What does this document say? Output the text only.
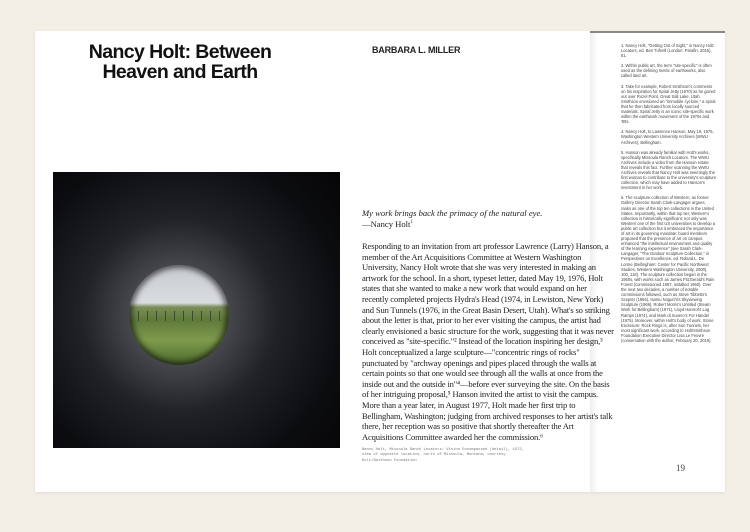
Nancy Holt: Between Heaven and Earth
BARBARA L. MILLER
My work brings back the primacy of the natural eye.
—Nancy Holt$^1$

Responding to an invitation from art professor Lawrence (Larry) Hanson, a member of the Art Acquisitions Committee at Western Washington University, Nancy Holt wrote that she was very interested in making an artwork for the school. In a short, typeset letter, dated May 19, 1976, Holt states that she wanted to make a new work that would expand on her recently completed projects Hydra's Head (1974, in Lewiston, New York) and Sun Tunnels (1976, in the Great Basin Desert, Utah). What's so striking about the letter is that, prior to her ever visiting the campus, the artist had clearly envisioned a basic structure for the work, suggesting that it was never conceived as "site-specific."² Instead of the location inspiring her design,³ Holt conceptualized a large sculpture—"concentric rings of rocks" punctuated by "archway openings and pipes placed through the walls at certain points so that one would see through all the walls at once from the inside out and the outside in"⁴—before ever surveying the site. On the basis of her intriguing proposal,⁵ Hanson invited the artist to visit the campus. More than a year later, in August 1977, Holt made her first trip to Bellingham, Washington; judging from archived responses to her artist's talk there, her reception was so positive that shortly thereafter the Art Acquisitions Committee awarded her the commission.⁶

Nancy Holt, Missoula Ranch Locators: Vision Encompassed (detail), 1972, view of opposite location, north of Missoula, Montana, courtesy Holt/Smithson Foundation
19

1. Nancy Holt, "Getting Out of Sight," in Nancy Holt: Locators, ed. Ben Tufnell (London: Parafin, 2015), 51.

2. Within public art, the term "site-specific" is often used as the defining metric of earthworks, also called land art.

3. Take for example, Robert Smithson's comments on his inspiration for Spiral Jetty (1970) as he gazed out over Rozel Point, Great Salt Lake, Utah. Smithson envisioned an "immobile cyclone," a spiral that he then fabricated from locally sourced materials. Spiral Jetty is an iconic site-specific work within the earthwork movement of the 1970s and '80s.

4. Nancy Holt, to Lawrence Hanson, May 19, 1976, Washington Western University Archives (WWU Archives), Bellingham.

5. Hanson was already familiar with Holt's works, specifically Missoula Ranch Locators. The WWU Archives include a video from the Hanson estate that reveals this fact. Further scanning the WWU Archives reveals that Nancy Holt was seemingly the first woman to contribute to the university's sculpture collection, which may have added to Hanson's investment in her work.

6. The sculpture collection of Western, as former Gallery Director Sarah Clark-Langager argues, ranks as one of the top ten collections in the United States. Importantly, within that top tier, Western's collection is historically significant: not only was Western one of the first US universities to develop a public art collection but it embraced the importance of art in its governing mandate: board members proposed that the presence of art on campus enhanced "the intellectual environment and quality of the learning experience" (see Sarah Clark-Langager, "The Outdoor Sculpture Collection," in Perspectives on Excellence, ed. Roland L. De Lorme (Bellingham: Center for Pacific Northwest Studies, Western Washington University, 2000), 100, 118). The sculpture collection began in the 1950s, with works such as James FitzGerald's Rain Forest (commissioned 1957, installed 1960). Over the next two decades, a number of notable commissions followed, such as Steve Tibbetts's Scepter (1966), Isamu Noguchi's Skyviewing Sculpture (1969), Robert Morris's Untitled (Steam Work for Bellingham) (1971), Lloyd Hamrol's Log Ramps (1974), and Mark di Suvero's For Handel (1975). Moreover, within Holt's body of work, Stone Enclosure: Rock Rings is, after Sun Tunnels, her most significant work, according to Holt/Smithson Foundation Executive Director Lisa Le Feuvre (conversation with the author, February 20, 2019).
